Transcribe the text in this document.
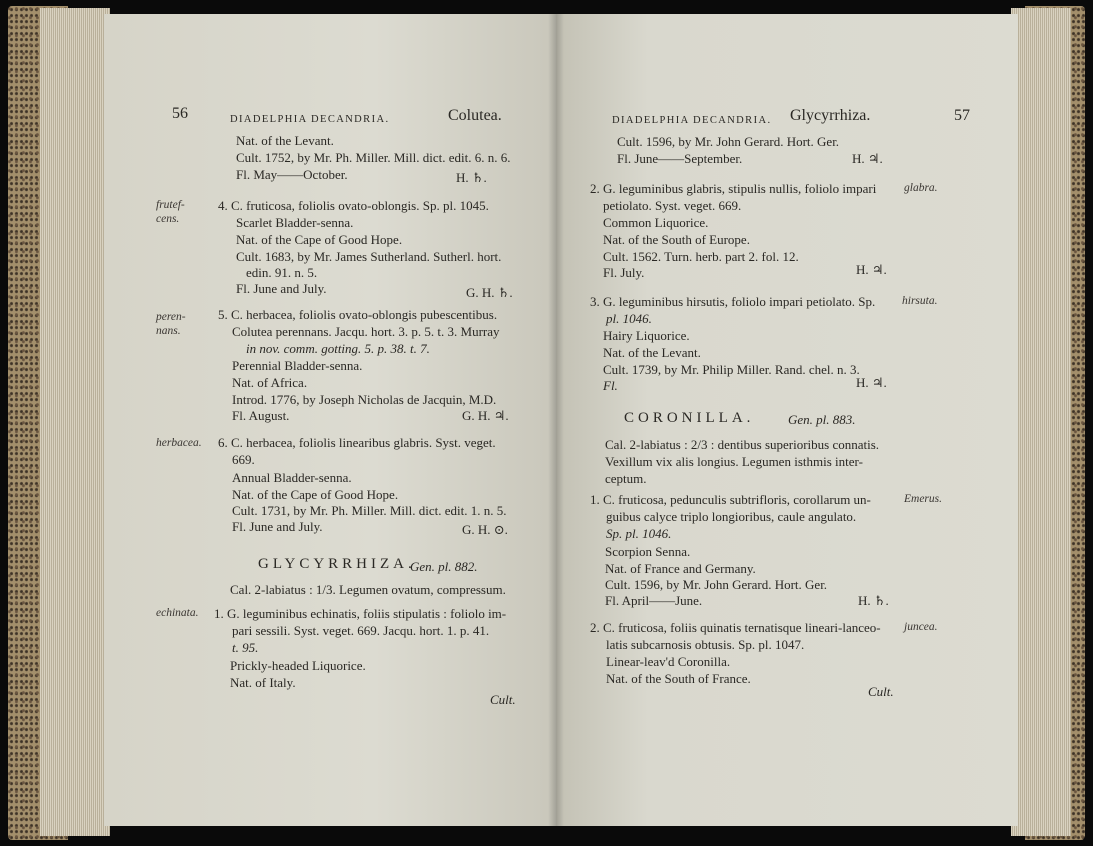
56	DIADELPHIA DECANDRIA.	Colutea.
Nat. of the Levant.
Cult. 1752, by Mr. Ph. Miller. Mill. dict. edit. 6. n. 6.
Fl. May——October.	H. ♄.
frutef-
cens.
4. C. fruticosa, foliolis ovato-oblongis. Sp. pl. 1045.
Scarlet Bladder-senna.
Nat. of the Cape of Good Hope.
Cult. 1683, by Mr. James Sutherland. Sutherl. hort.
edin. 91. n. 5.
Fl. June and July.	G. H. ♄.
peren-
nans.
5. C. herbacea, foliolis ovato-oblongis pubescentibus.
Colutea perennans. Jacqu. hort. 3. p. 5. t. 3. Murray
in nov. comm. gotting. 5. p. 38. t. 7.
Perennial Bladder-senna.
Nat. of Africa.
Introd. 1776, by Joseph Nicholas de Jacquin, M.D.
Fl. August.	G. H. ♃.
herbacea. 6. C. herbacea, foliolis linearibus glabris. Syst. veget.
669.
Annual Bladder-senna.
Nat. of the Cape of Good Hope.
Cult. 1731, by Mr. Ph. Miller. Mill. dict. edit. 1. n. 5.
Fl. June and July.	G. H. ⊙.
GLYCYRRHIZA.
Gen. pl. 882.
Cal. 2-labiatus : 1/3. Legumen ovatum, compressum.
echinata. 1. G. leguminibus echinatis, foliis stipulatis : foliolo im-
pari sessili. Syst. veget. 669. Jacqu. hort. 1. p. 41.
t. 95.
Prickly-headed Liquorice.
Nat. of Italy.
Cult.
DIADELPHIA DECANDRIA. Glycyrrhiza.	57
Cult. 1596, by Mr. John Gerard. Hort. Ger.
Fl. June——September.	H. ♃.
2. G. leguminibus glabris, stipulis nullis, foliolo impari glabra.
petiolato. Syst. veget. 669.
Common Liquorice.
Nat. of the South of Europe.
Cult. 1562. Turn. herb. part 2. fol. 12.
Fl. July.	H. ♃.
3. G. leguminibus hirsutis, foliolo impari petiolato. Sp. hirsuta.
pl. 1046.
Hairy Liquorice.
Nat. of the Levant.
Cult. 1739, by Mr. Philip Miller. Rand. chel. n. 3.
Fl.	H. ♃.
CORONILLA.	Gen. pl. 883.
Cal. 2-labiatus : 2/3 : dentibus superioribus connatis.
Vexillum vix alis longius. Legumen isthmis inter-
ceptum.
1. C. fruticosa, pedunculis subtrifloris, corollarum un-	Emerus.
guibus calyce triplo longioribus, caule angulato.
Sp. pl. 1046.
Scorpion Senna.
Nat. of France and Germany.
Cult. 1596, by Mr. John Gerard. Hort. Ger.
Fl. April——June.	H. ♄.
2. C. fruticosa, foliis quinatis ternatisque lineari-lanceo- juncea.
latis subcarnosis obtusis. Sp. pl. 1047.
Linear-leav'd Coronilla.
Nat. of the South of France.
Cult.
